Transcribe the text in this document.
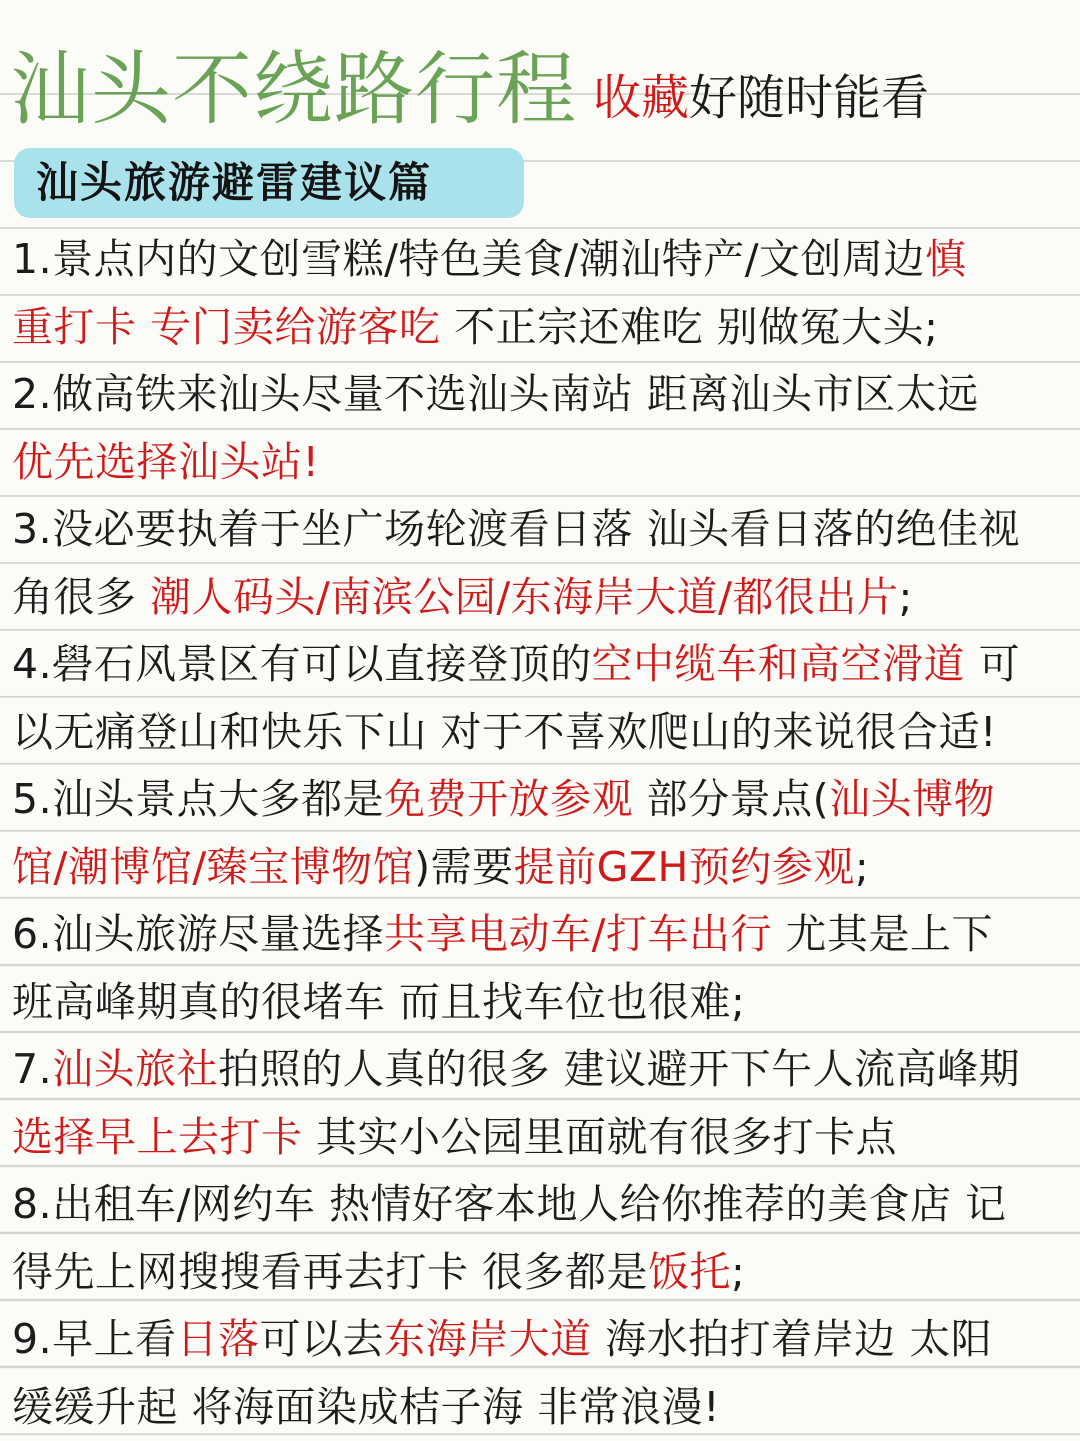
汕头不绕路行程 收藏好随时能看
汕头旅游避雷建议篇
1.景点内的文创雪糕/特色美食/潮汕特产/文创周边慎
重打卡 专门卖给游客吃 不正宗还难吃 别做冤大头;
2.做高铁来汕头尽量不选汕头南站 距离汕头市区太远
优先选择汕头站!
3.没必要执着于坐广场轮渡看日落 汕头看日落的绝佳视
角很多 潮人码头/南滨公园/东海岸大道/都很出片;
4.礐石风景区有可以直接登顶的空中缆车和高空滑道 可
以无痛登山和快乐下山 对于不喜欢爬山的来说很合适!
5.汕头景点大多都是免费开放参观 部分景点(汕头博物
馆/潮博馆/臻宝博物馆)需要提前GZH预约参观;
6.汕头旅游尽量选择共享电动车/打车出行 尤其是上下
班高峰期真的很堵车 而且找车位也很难;
7.汕头旅社拍照的人真的很多 建议避开下午人流高峰期
选择早上去打卡 其实小公园里面就有很多打卡点
8.出租车/网约车 热情好客本地人给你推荐的美食店 记
得先上网搜搜看再去打卡 很多都是饭托;
9.早上看日落可以去东海岸大道 海水拍打着岸边 太阳
缓缓升起 将海面染成桔子海 非常浪漫!
